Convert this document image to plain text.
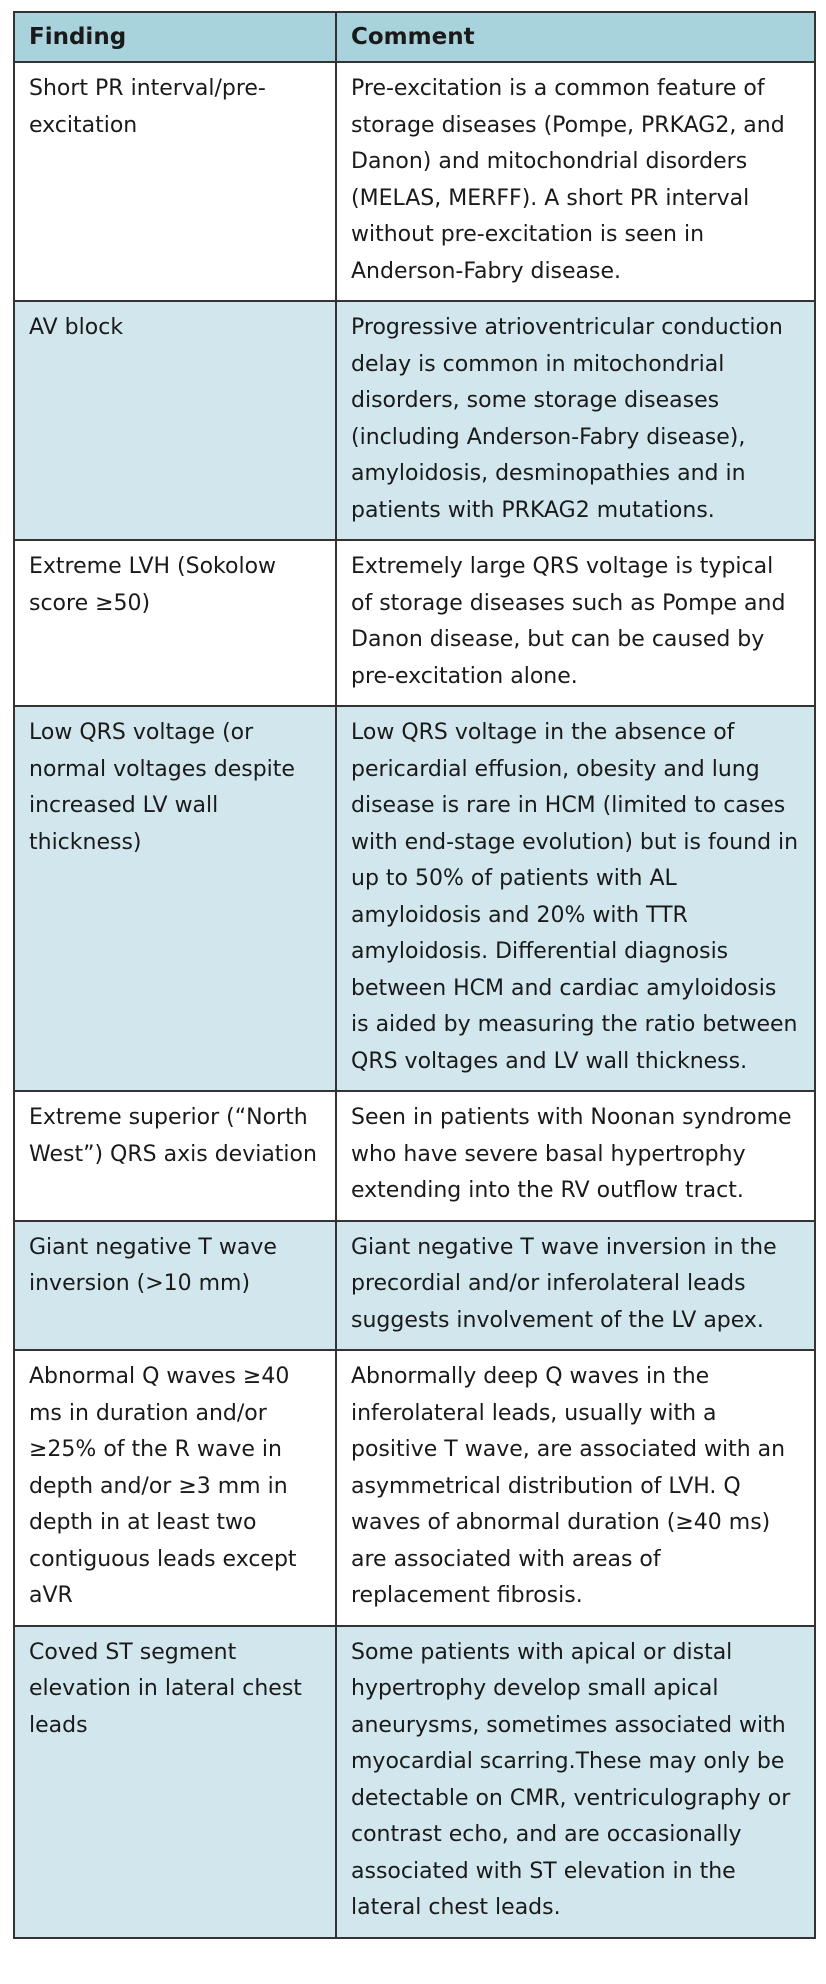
Finding	Comment
Short PR interval/pre-excitation	Pre-excitation is a common feature of storage diseases (Pompe, PRKAG2, and Danon) and mitochondrial disorders (MELAS, MERFF). A short PR interval without pre-excitation is seen in Anderson-Fabry disease.
AV block	Progressive atrioventricular conduction delay is common in mitochondrial disorders, some storage diseases (including Anderson-Fabry disease), amyloidosis, desminopathies and in patients with PRKAG2 mutations.
Extreme LVH (Sokolow score ≥50)	Extremely large QRS voltage is typical of storage diseases such as Pompe and Danon disease, but can be caused by pre-excitation alone.
Low QRS voltage (or normal voltages despite increased LV wall thickness)	Low QRS voltage in the absence of pericardial effusion, obesity and lung disease is rare in HCM (limited to cases with end-stage evolution) but is found in up to 50% of patients with AL amyloidosis and 20% with TTR amyloidosis. Differential diagnosis between HCM and cardiac amyloidosis is aided by measuring the ratio between QRS voltages and LV wall thickness.
Extreme superior (“North West”) QRS axis deviation	Seen in patients with Noonan syndrome who have severe basal hypertrophy extending into the RV outflow tract.
Giant negative T wave inversion (>10 mm)	Giant negative T wave inversion in the precordial and/or inferolateral leads suggests involvement of the LV apex.
Abnormal Q waves ≥40 ms in duration and/or ≥25% of the R wave in depth and/or ≥3 mm in depth in at least two contiguous leads except aVR	Abnormally deep Q waves in the inferolateral leads, usually with a positive T wave, are associated with an asymmetrical distribution of LVH. Q waves of abnormal duration (≥40 ms) are associated with areas of replacement fibrosis.
Coved ST segment elevation in lateral chest leads	Some patients with apical or distal hypertrophy develop small apical aneurysms, sometimes associated with myocardial scarring.These may only be detectable on CMR, ventriculography or contrast echo, and are occasionally associated with ST elevation in the lateral chest leads.
